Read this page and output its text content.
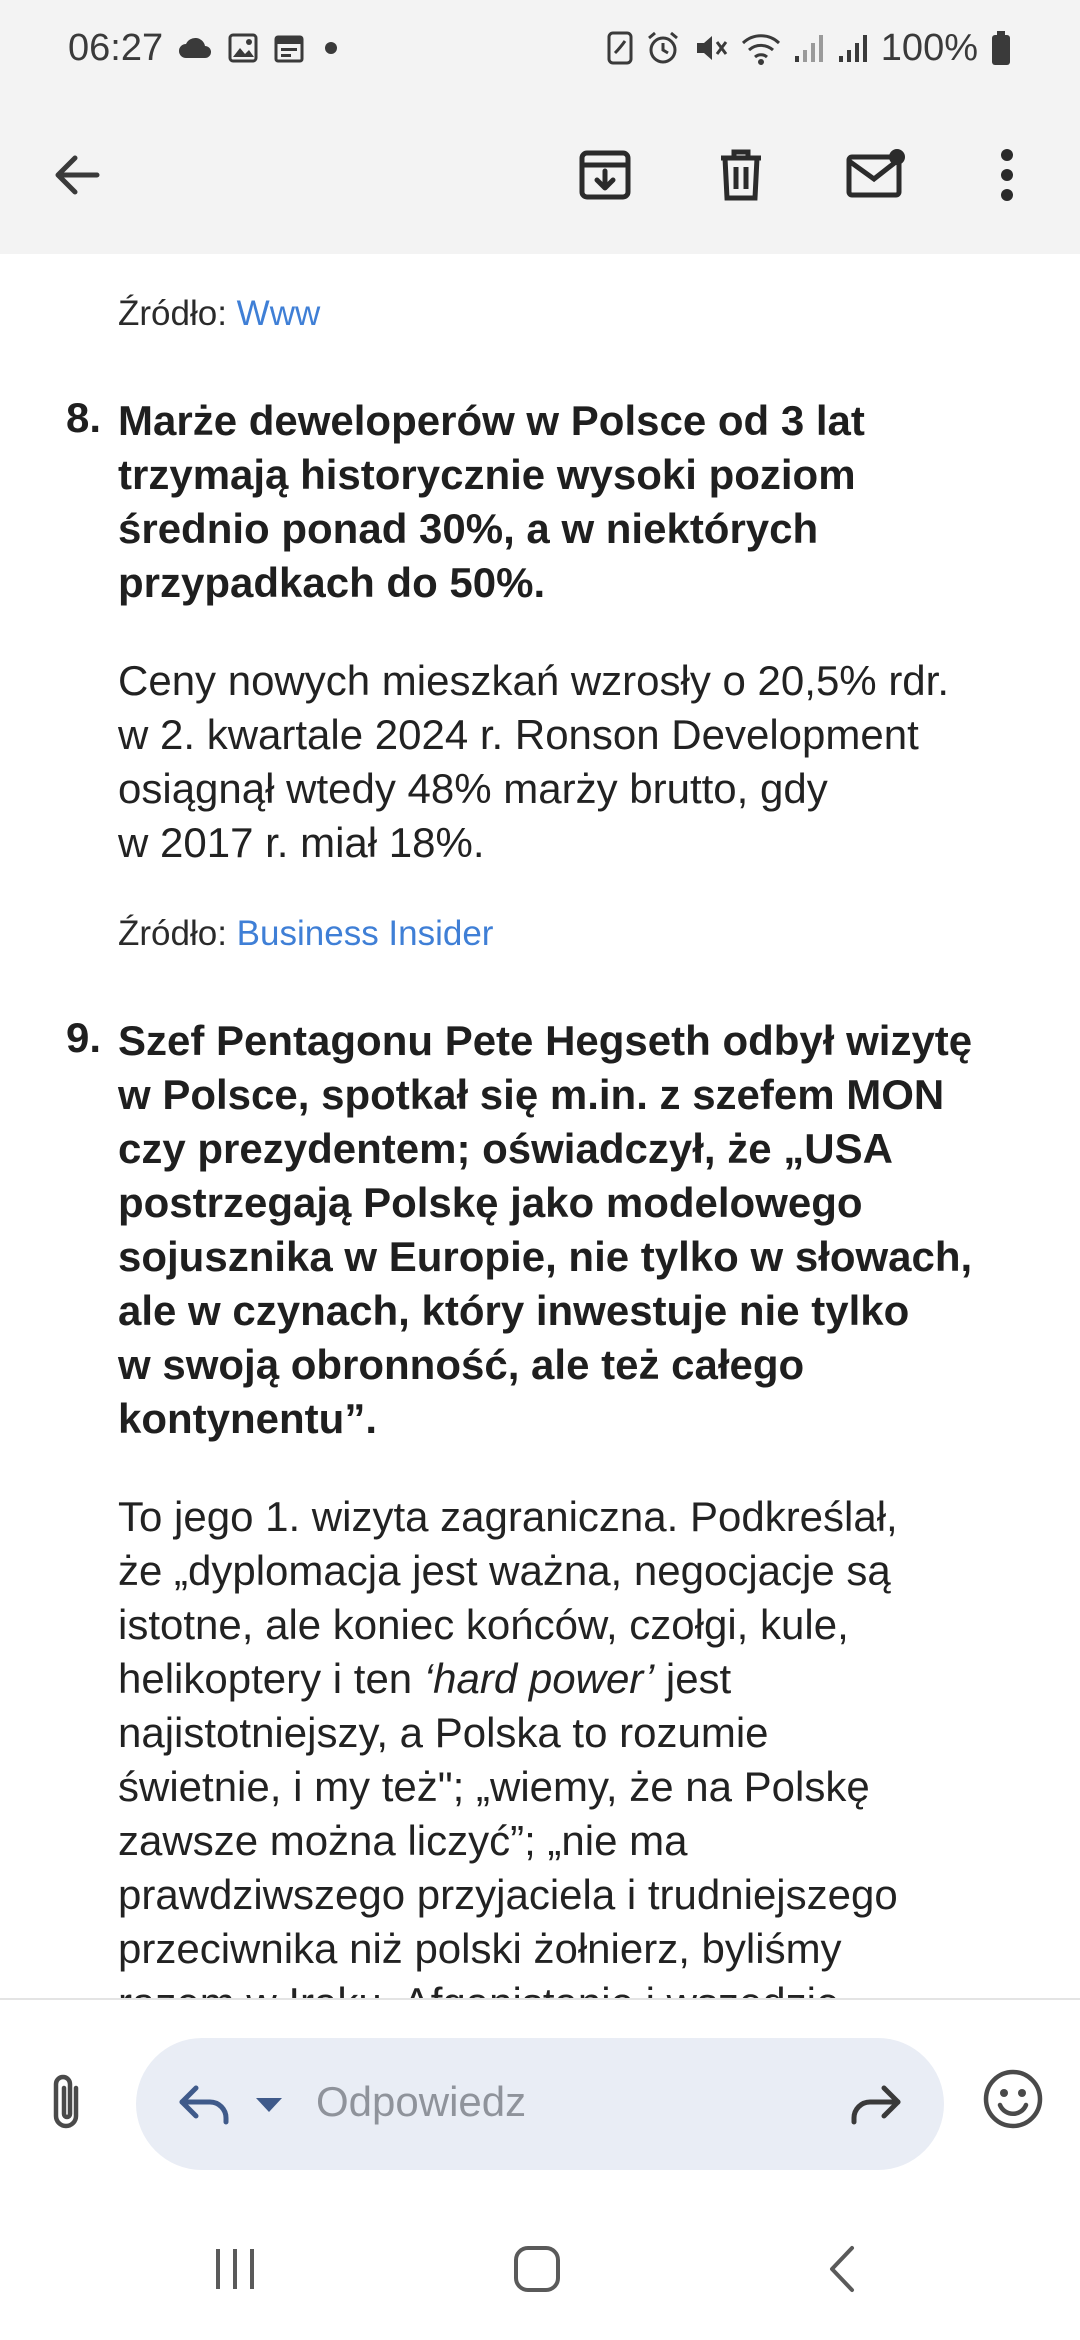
06:27	100%
Źródło: Www
8. Marże deweloperów w Polsce od 3 lat
trzymają historycznie wysoki poziom
średnio ponad 30%, a w niektórych
przypadkach do 50%.
Ceny nowych mieszkań wzrosły o 20,5% rdr.
w 2. kwartale 2024 r. Ronson Development
osiągnął wtedy 48% marży brutto, gdy
w 2017 r. miał 18%.
Źródło: Business Insider
9. Szef Pentagonu Pete Hegseth odbył wizytę
w Polsce, spotkał się m.in. z szefem MON
czy prezydentem; oświadczył, że „USA
postrzegają Polskę jako modelowego
sojusznika w Europie, nie tylko w słowach,
ale w czynach, który inwestuje nie tylko
w swoją obronność, ale też całego
kontynentu”.
To jego 1. wizyta zagraniczna. Podkreślał,
że „dyplomacja jest ważna, negocjacje są
istotne, ale koniec końców, czołgi, kule,
helikoptery i ten ‘hard power’ jest
najistotniejszy, a Polska to rozumie
świetnie, i my też"; „wiemy, że na Polskę
zawsze można liczyć”; „nie ma
prawdziwszego przyjaciela i trudniejszego
przeciwnika niż polski żołnierz, byliśmy
Odpowiedz
